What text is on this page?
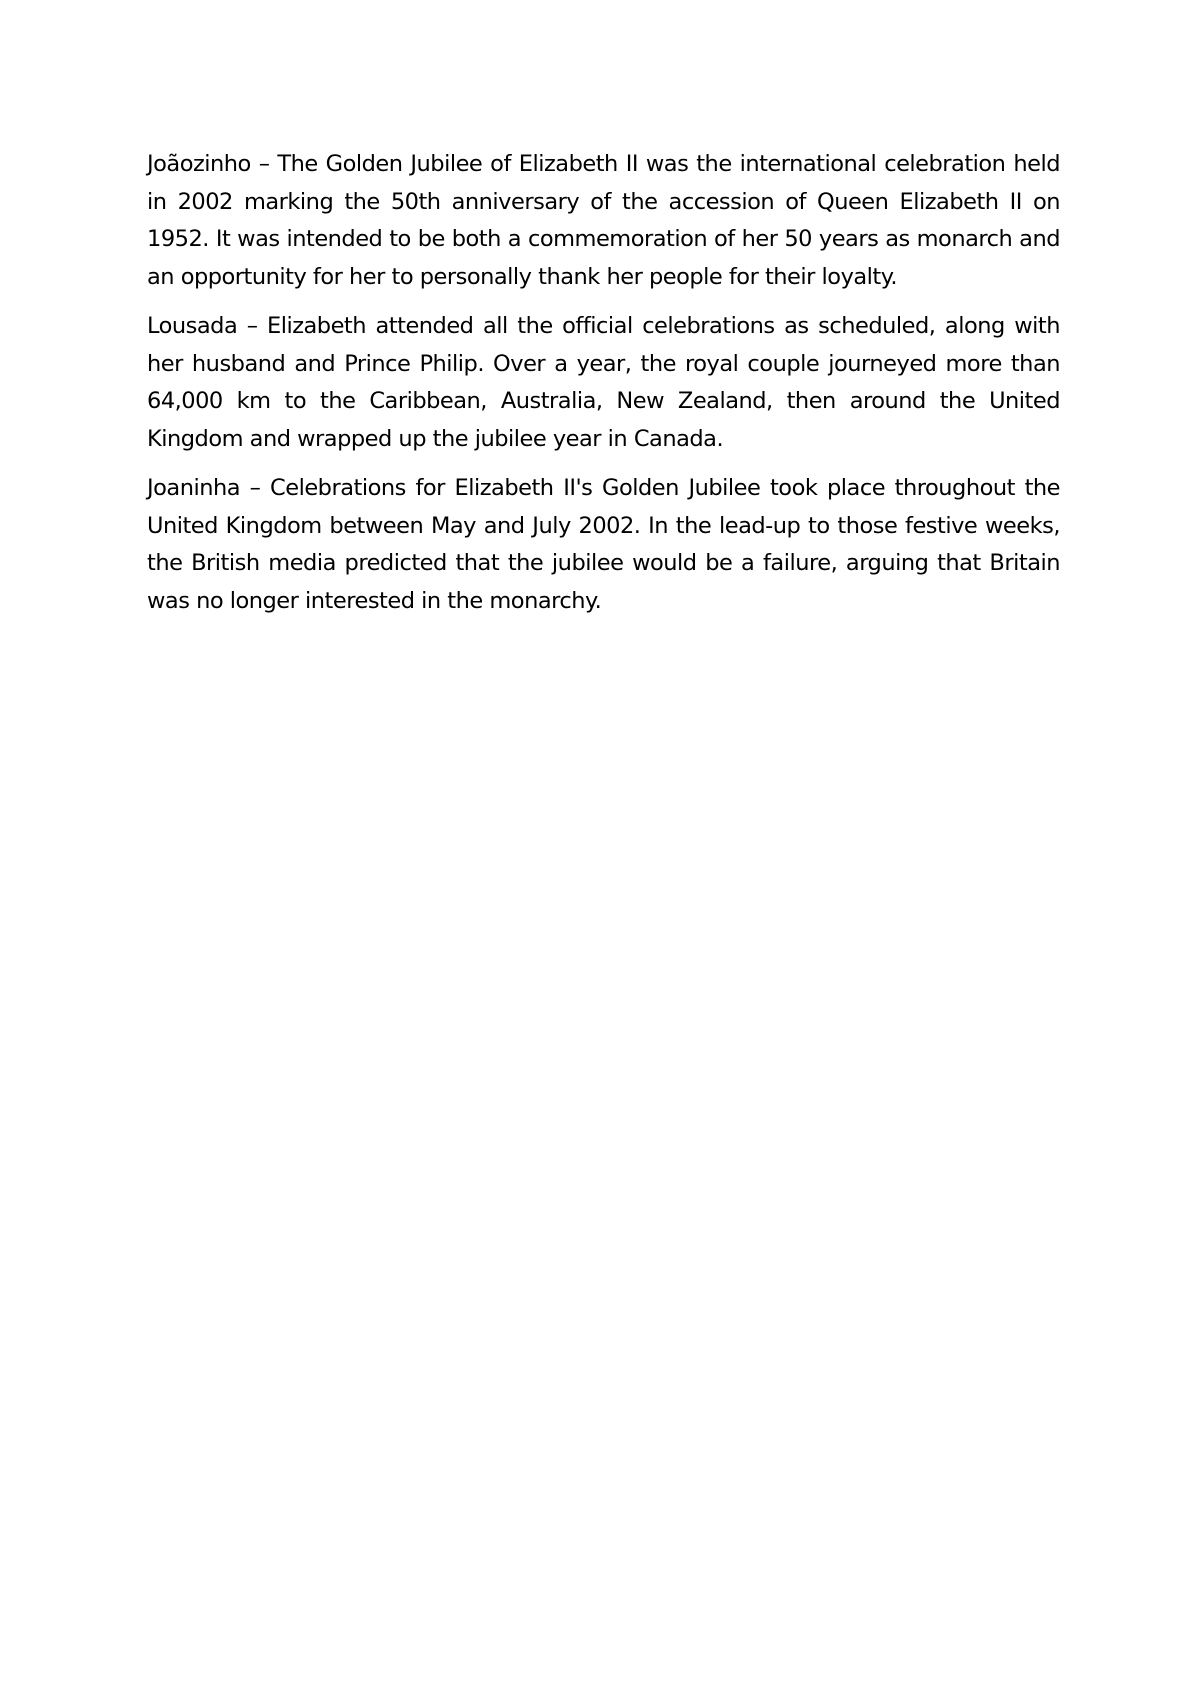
Joãozinho – The Golden Jubilee of Elizabeth II was the international celebration held in 2002 marking the 50th anniversary of the accession of Queen Elizabeth II on 1952. It was intended to be both a commemoration of her 50 years as monarch and an opportunity for her to personally thank her people for their loyalty.

Lousada – Elizabeth attended all the official celebrations as scheduled, along with her husband and Prince Philip. Over a year, the royal couple journeyed more than 64,000 km to the Caribbean, Australia, New Zealand, then around the United Kingdom and wrapped up the jubilee year in Canada.

Joaninha – Celebrations for Elizabeth II's Golden Jubilee took place throughout the United Kingdom between May and July 2002. In the lead-up to those festive weeks, the British media predicted that the jubilee would be a failure, arguing that Britain was no longer interested in the monarchy.
